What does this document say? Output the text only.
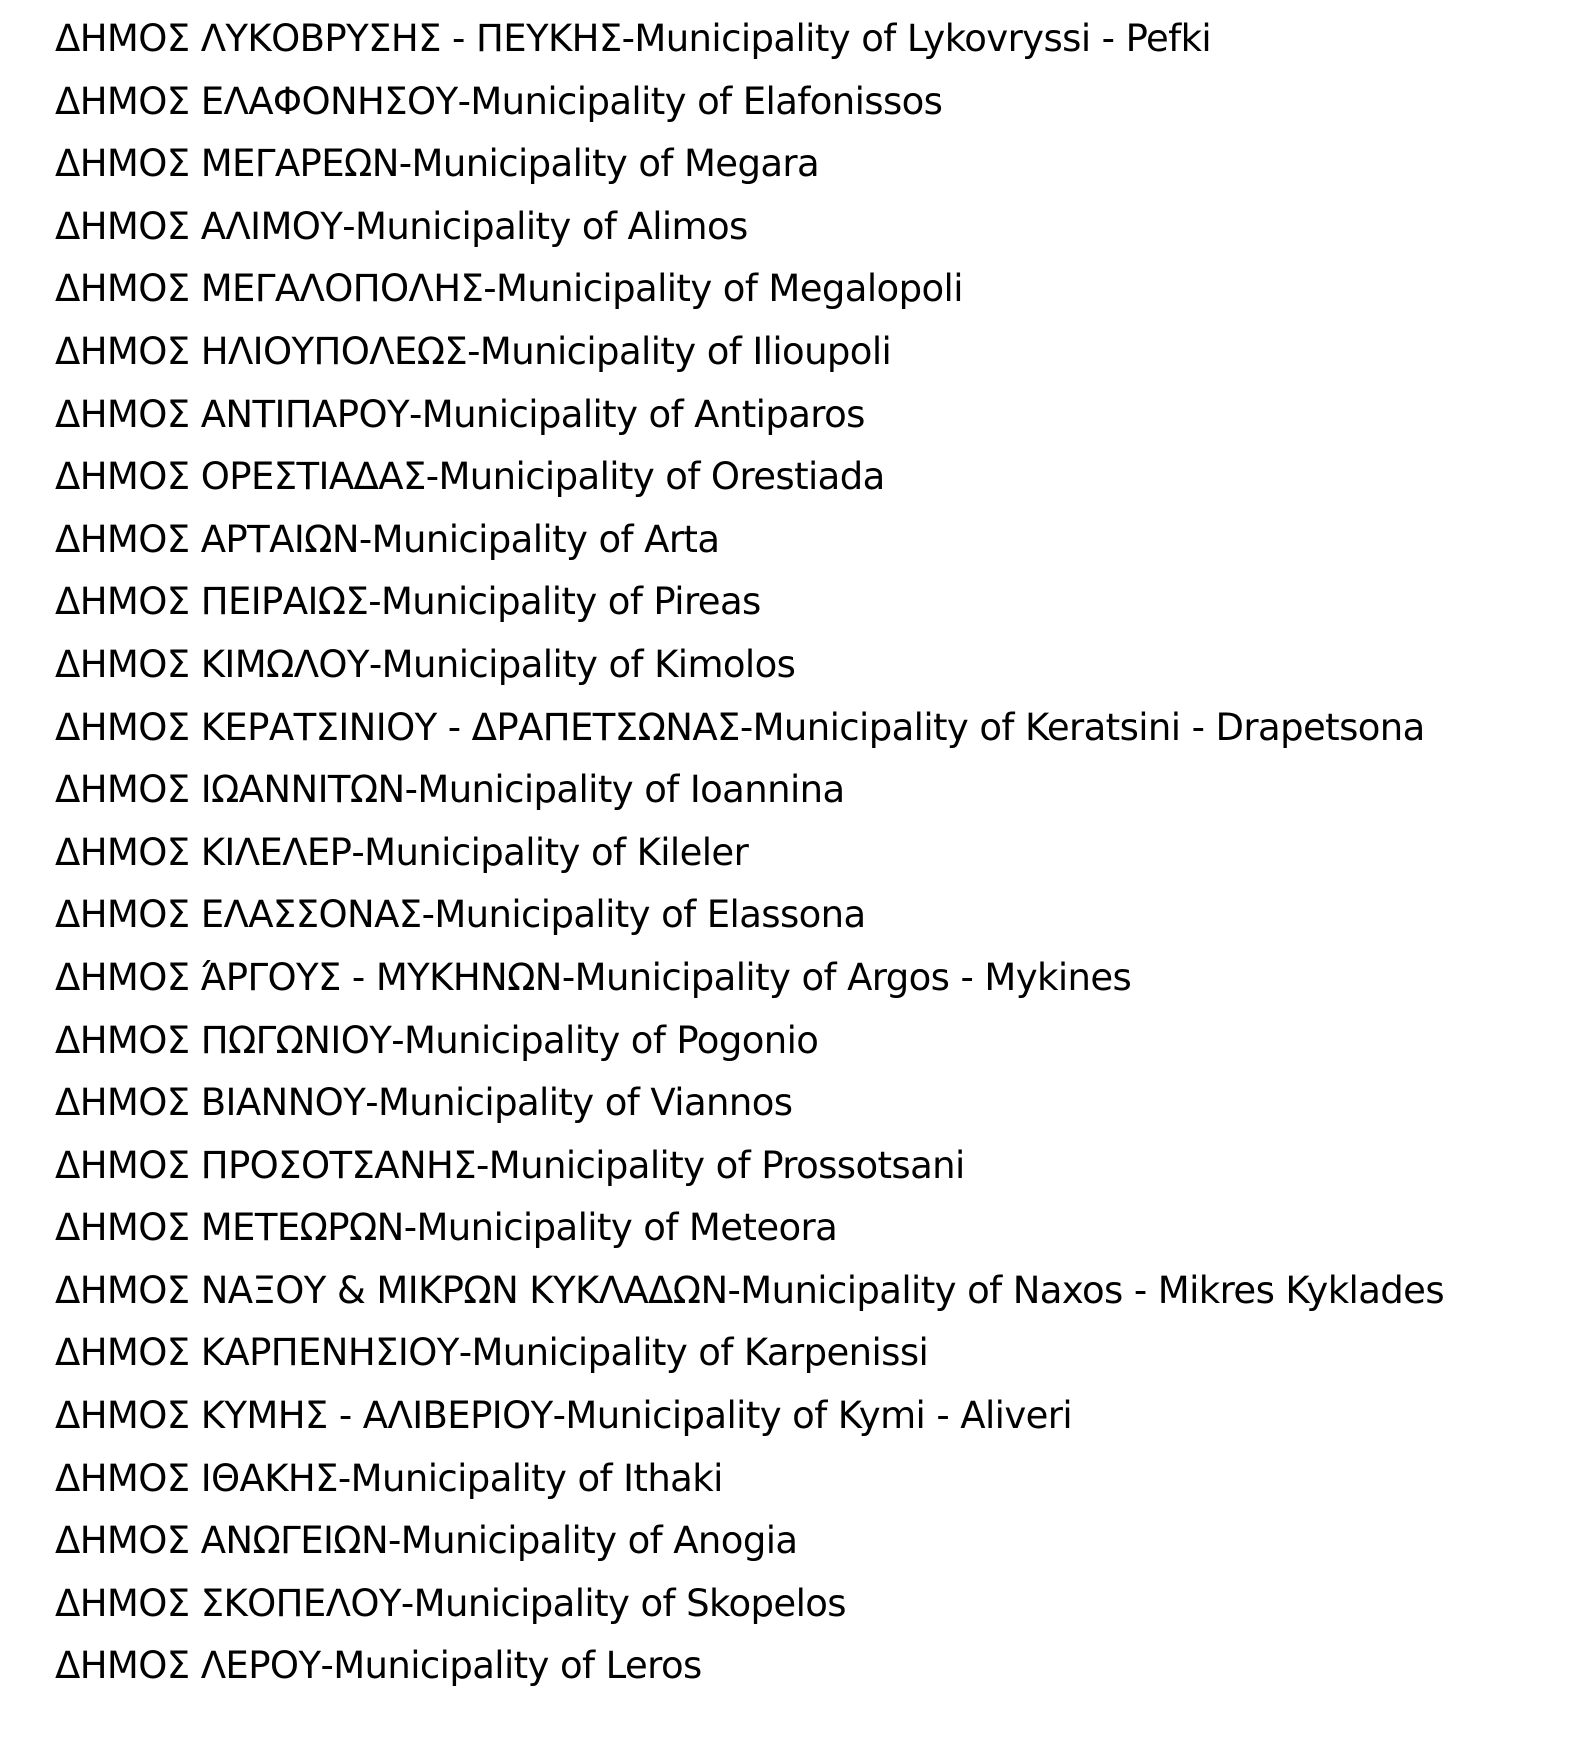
ΔΗΜΟΣ ΛΥΚΟΒΡΥΣΗΣ - ΠΕΥΚΗΣ-Municipality of Lykovryssi - Pefki
ΔΗΜΟΣ ΕΛΑΦΟΝΗΣΟΥ-Municipality of Elafonissos
ΔΗΜΟΣ ΜΕΓΑΡΕΩΝ-Municipality of Megara
ΔΗΜΟΣ ΑΛΙΜΟΥ-Municipality of Alimos
ΔΗΜΟΣ ΜΕΓΑΛΟΠΟΛΗΣ-Municipality of Megalopoli
ΔΗΜΟΣ ΗΛΙΟΥΠΟΛΕΩΣ-Municipality of Ilioupoli
ΔΗΜΟΣ ΑΝΤΙΠΑΡΟΥ-Municipality of Antiparos
ΔΗΜΟΣ ΟΡΕΣΤΙΑΔΑΣ-Municipality of Orestiada
ΔΗΜΟΣ ΑΡΤΑΙΩΝ-Municipality of Arta
ΔΗΜΟΣ ΠΕΙΡΑΙΩΣ-Municipality of Pireas
ΔΗΜΟΣ ΚΙΜΩΛΟΥ-Municipality of Kimolos
ΔΗΜΟΣ ΚΕΡΑΤΣΙΝΙΟΥ - ΔΡΑΠΕΤΣΩΝΑΣ-Municipality of Keratsini - Drapetsona
ΔΗΜΟΣ ΙΩΑΝΝΙΤΩΝ-Municipality of Ioannina
ΔΗΜΟΣ ΚΙΛΕΛΕΡ-Municipality of Kileler
ΔΗΜΟΣ ΕΛΑΣΣΟΝΑΣ-Municipality of Elassona
ΔΗΜΟΣ ΆΡΓΟΥΣ - ΜΥΚΗΝΩΝ-Municipality of Argos - Mykines
ΔΗΜΟΣ ΠΩΓΩΝΙΟΥ-Municipality of Pogonio
ΔΗΜΟΣ ΒΙΑΝΝΟΥ-Municipality of Viannos
ΔΗΜΟΣ ΠΡΟΣΟΤΣΑΝΗΣ-Municipality of Prossotsani
ΔΗΜΟΣ ΜΕΤΕΩΡΩΝ-Municipality of Meteora
ΔΗΜΟΣ ΝΑΞΟΥ & ΜΙΚΡΩΝ ΚΥΚΛΑΔΩΝ-Municipality of Naxos - Mikres Kyklades
ΔΗΜΟΣ ΚΑΡΠΕΝΗΣΙΟΥ-Municipality of Karpenissi
ΔΗΜΟΣ ΚΥΜΗΣ - ΑΛΙΒΕΡΙΟΥ-Municipality of Kymi - Aliveri
ΔΗΜΟΣ ΙΘΑΚΗΣ-Municipality of Ithaki
ΔΗΜΟΣ ΑΝΩΓΕΙΩΝ-Municipality of Anogia
ΔΗΜΟΣ ΣΚΟΠΕΛΟΥ-Municipality of Skopelos
ΔΗΜΟΣ ΛΕΡΟΥ-Municipality of Leros
